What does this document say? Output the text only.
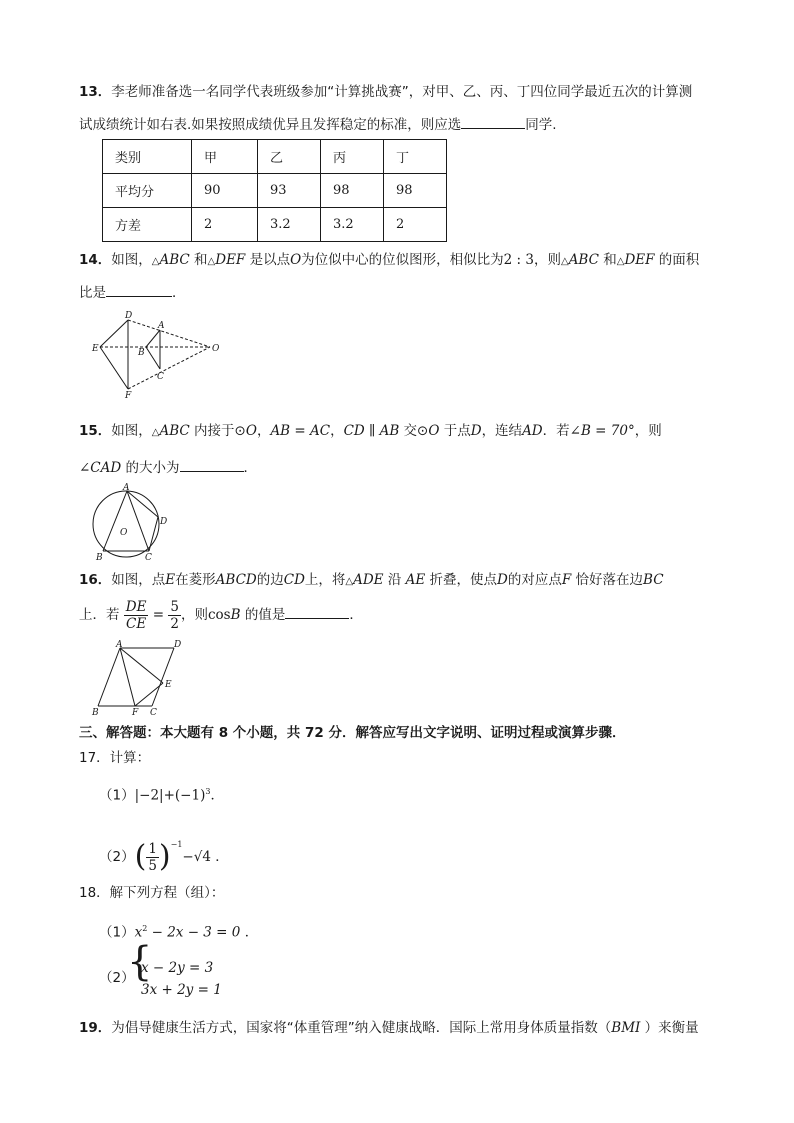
13．李老师准备选一名同学代表班级参加“计算挑战赛”，对甲、乙、丙、丁四位同学最近五次的计算测
试成绩统计如右表.如果按照成绩优异且发挥稳定的标准，则应选	同学.
类别	甲	乙	丙	丁
平均分	90	93	98	98
方差	2	3.2	3.2	2
14．如图，△ABC 和△DEF 是以点O为位似中心的位似图形，相似比为2 : 3，则△ABC 和△DEF 的面积
比是	．
D
A
E	B	O
C
F
15．如图，△ABC 内接于⊙O，AB = AC，CD ∥ AB 交⊙O 于点D，连结AD．若∠B = 70°，则
∠CAD 的大小为	．
A
D
O
B	C
16．如图，点E在菱形ABCD的边CD上，将△ADE 沿 AE 折叠，使点D的对应点F 恰好落在边BC
上．若 $\frac{DE}{CE} = \frac{5}{2}$ ，则cosB 的值是	．
A	D
E
B	F C
三、解答题：本大题有 8 个小题，共 72 分．解答应写出文字说明、证明过程或演算步骤．
17．计算：
$(1)|-2|+(-1)^3$．
$(2)( \frac{1}{5} )^{-1}-√4$ ．
18．解下列方程（组）：
$(1)x^2 - 2x - 3 = 0$ ．
（2）
{
x − 2y = 3
3x + 2y = 1
19．为倡导健康生活方式，国家将“体重管理”纳入健康战略．国际上常用身体质量指数（BMI ）来衡量
